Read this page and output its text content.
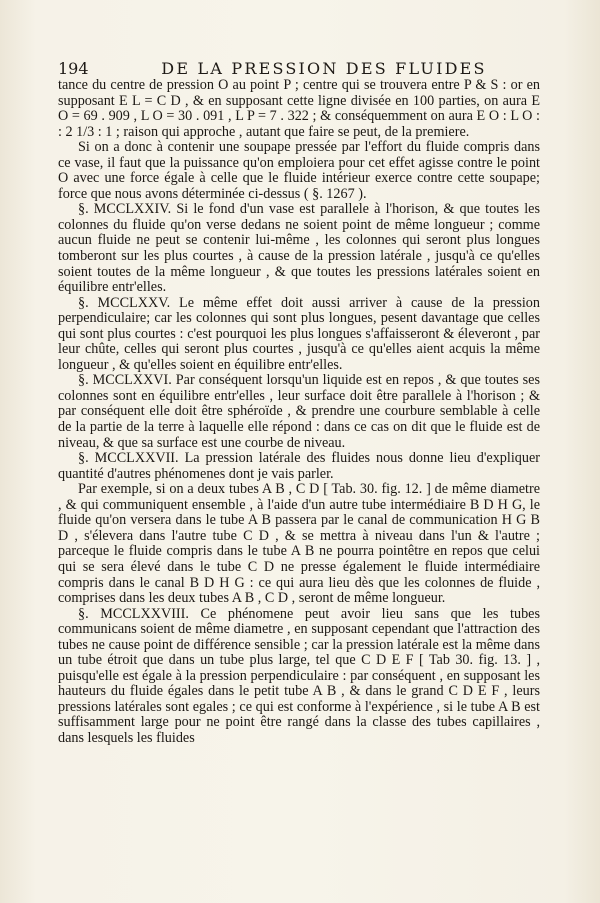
194	DE LA PRESSION DES FLUIDES

tance du centre de pression O au point P ; centre qui se trouvera entre P & S : or en supposant E L = C D , & en supposant cette ligne divisée en 100 parties, on aura E O = 69 . 909 , L O = 30 . 091 , L P = 7 . 322 ; & conséquemment on aura E O : L O : : 2 1/3 : 1 ; raison qui approche , autant que faire se peut, de la premiere.

Si on a donc à contenir une soupape pressée par l'effort du fluide compris dans ce vase, il faut que la puissance qu'on emploiera pour cet effet agisse contre le point O avec une force égale à celle que le fluide intérieur exerce contre cette soupape; force que nous avons déterminée ci-dessus ( §. 1267 ).

§. MCCLXXIV. Si le fond d'un vase est parallele à l'horison, & que toutes les colonnes du fluide qu'on verse dedans ne soient point de même longueur ; comme aucun fluide ne peut se contenir lui-même , les colonnes qui seront plus longues tomberont sur les plus courtes , à cause de la pression latérale , jusqu'à ce qu'elles soient toutes de la même longueur , & que toutes les pressions latérales soient en équilibre entr'elles.

§. MCCLXXV. Le même effet doit aussi arriver à cause de la pression perpendiculaire; car les colonnes qui sont plus longues, pesent davantage que celles qui sont plus courtes : c'est pourquoi les plus longues s'affaisseront & éleveront , par leur chûte, celles qui seront plus courtes , jusqu'à ce qu'elles aient acquis la même longueur , & qu'elles soient en équilibre entr'elles.

§. MCCLXXVI. Par conséquent lorsqu'un liquide est en repos , & que toutes ses colonnes sont en équilibre entr'elles , leur surface doit être parallele à l'horison ; & par conséquent elle doit être sphéroïde , & prendre une courbure semblable à celle de la partie de la terre à laquelle elle répond : dans ce cas on dit que le fluide est de niveau, & que sa surface est une courbe de niveau.

§. MCCLXXVII. La pression latérale des fluides nous donne lieu d'expliquer quantité d'autres phénomenes dont je vais parler.

Par exemple, si on a deux tubes A B , C D [ Tab. 30. fig. 12. ] de même diametre , & qui communiquent ensemble , à l'aide d'un autre tube intermédiaire B D H G, le fluide qu'on versera dans le tube A B passera par le canal de communication H G B D , s'élevera dans l'autre tube C D , & se mettra à niveau dans l'un & l'autre ; parceque le fluide compris dans le tube A B ne pourra pointêtre en repos que celui qui se sera élevé dans le tube C D ne presse également le fluide intermédiaire compris dans le canal B D H G : ce qui aura lieu dès que les colonnes de fluide , comprises dans les deux tubes A B , C D , seront de même longueur.

§. MCCLXXVIII. Ce phénomene peut avoir lieu sans que les tubes communicans soient de même diametre , en supposant cependant que l'attraction des tubes ne cause point de différence sensible ; car la pression latérale est la même dans un tube étroit que dans un tube plus large, tel que C D E F [ Tab 30. fig. 13. ] , puisqu'elle est égale à la pression perpendiculaire : par conséquent , en supposant les hauteurs du fluide égales dans le petit tube A B , & dans le grand C D E F , leurs pressions latérales sont egales ; ce qui est conforme à l'expérience , si le tube A B est suffisamment large pour ne point être rangé dans la classe des tubes capillaires , dans lesquels les fluides
